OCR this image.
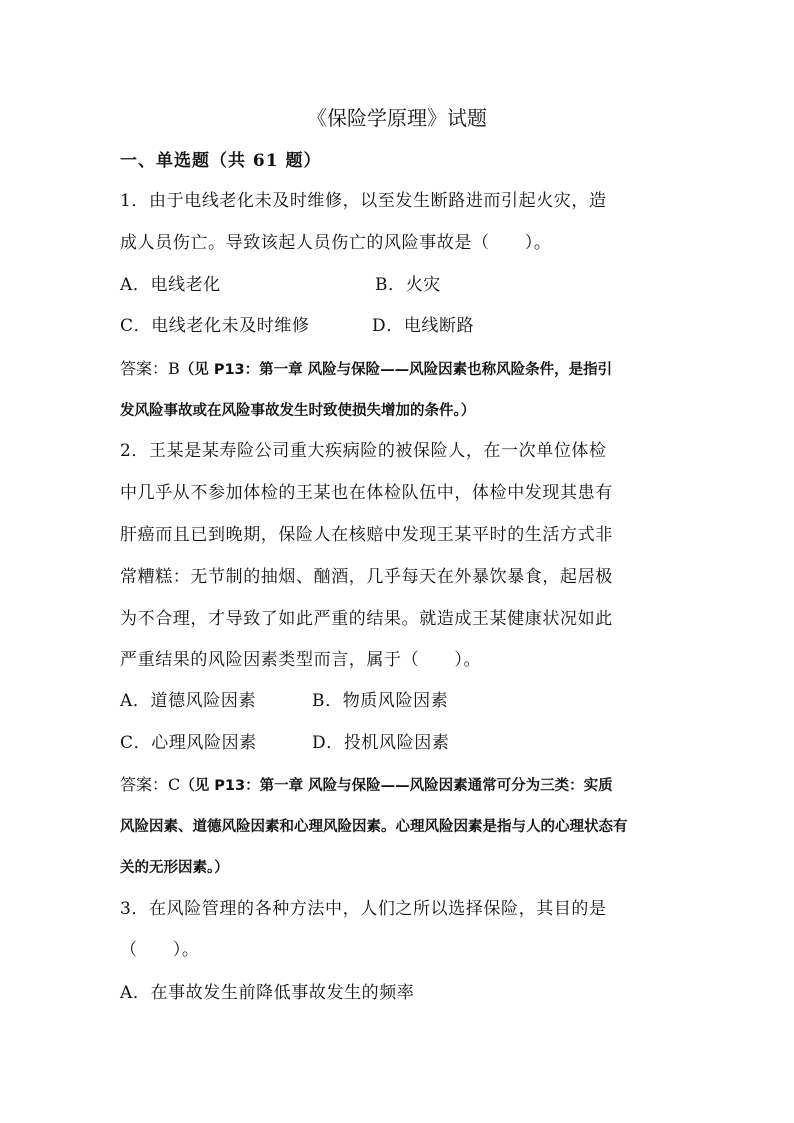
《保险学原理》试题
一、单选题（共 61 题）
1．由于电线老化未及时维修，以至发生断路进而引起火灾，造
成人员伤亡。导致该起人员伤亡的风险事故是（　　）。
A．电线老化	B．火灾
C．电线老化未及时维修	D．电线断路
答案：B（见 P13：第一章 风险与保险——风险因素也称风险条件，是指引
发风险事故或在风险事故发生时致使损失增加的条件。）
2．王某是某寿险公司重大疾病险的被保险人，在一次单位体检
中几乎从不参加体检的王某也在体检队伍中，体检中发现其患有
肝癌而且已到晚期，保险人在核赔中发现王某平时的生活方式非
常糟糕：无节制的抽烟、酗酒，几乎每天在外暴饮暴食，起居极
为不合理，才导致了如此严重的结果。就造成王某健康状况如此
严重结果的风险因素类型而言，属于（　　）。
A．道德风险因素	B．物质风险因素
C．心理风险因素	D．投机风险因素
答案：C（见 P13：第一章 风险与保险——风险因素通常可分为三类：实质
风险因素、道德风险因素和心理风险因素。心理风险因素是指与人的心理状态有
关的无形因素。）
3．在风险管理的各种方法中，人们之所以选择保险，其目的是
（　　）。
A．在事故发生前降低事故发生的频率
